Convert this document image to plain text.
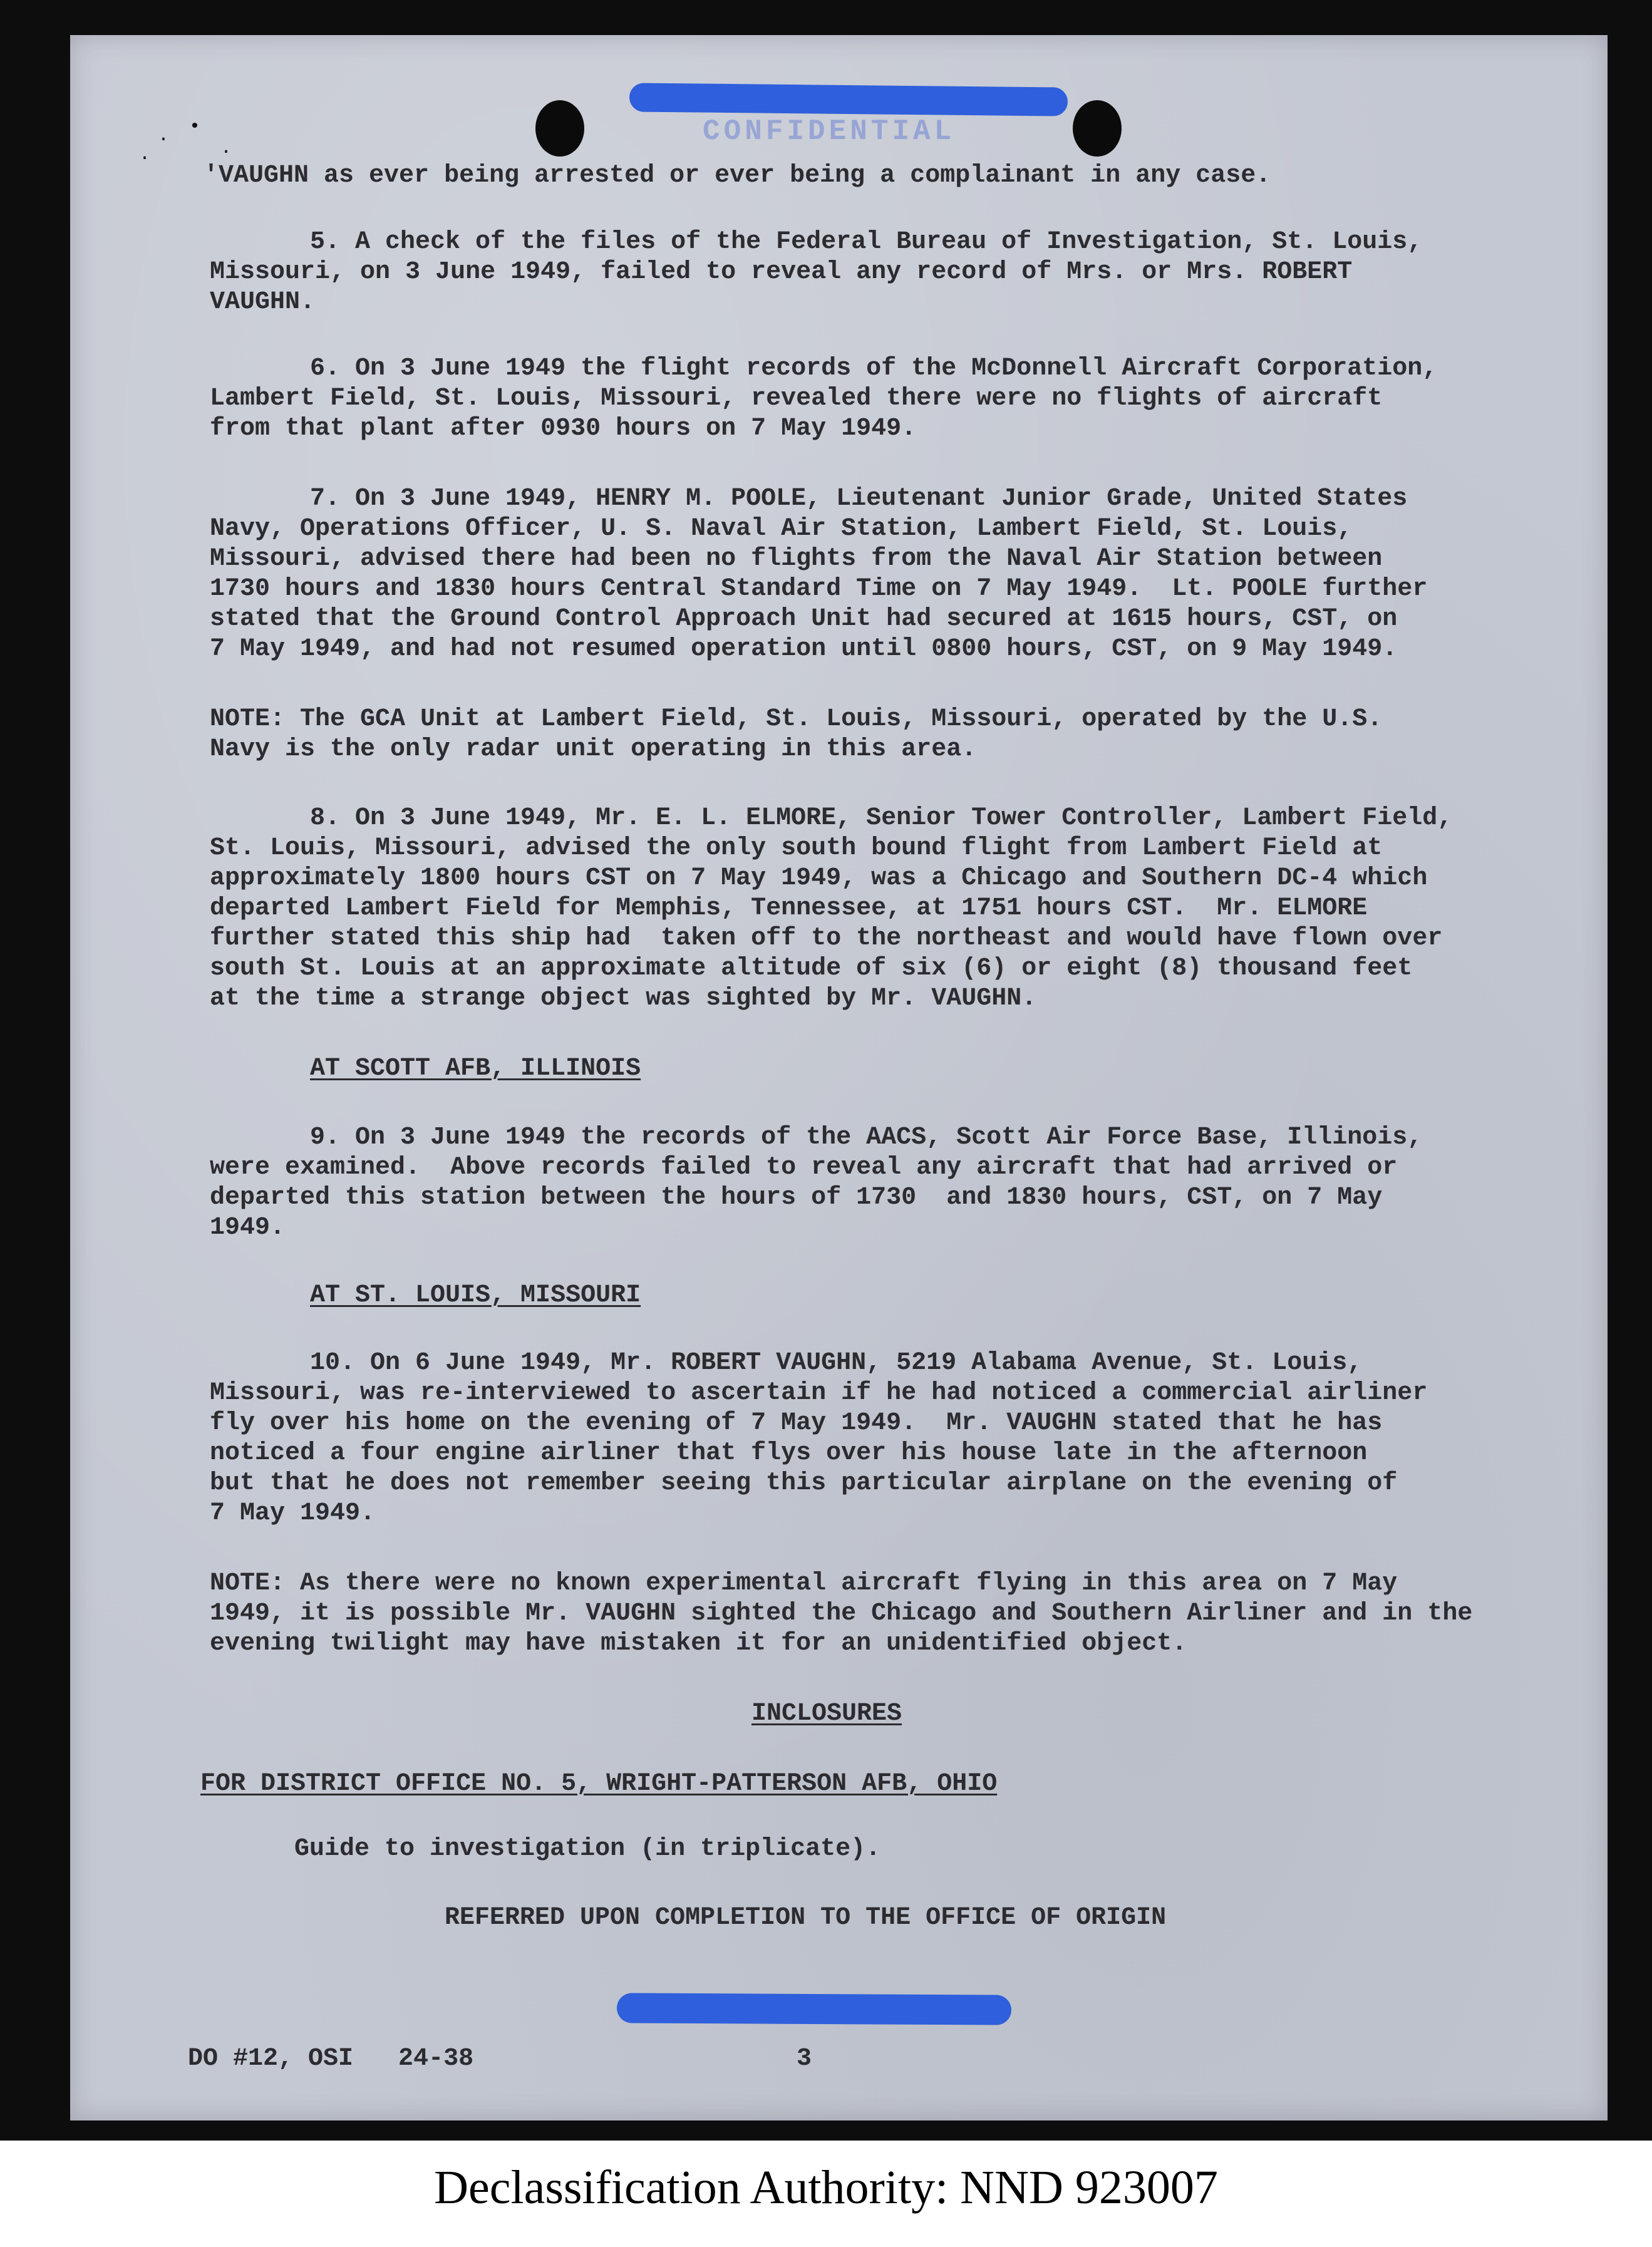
CONFIDENTIAL
·
•
·	·
'VAUGHN as ever being arrested or ever being a complainant in any case.
5. A check of the files of the Federal Bureau of Investigation, St. Louis,
Missouri, on 3 June 1949, failed to reveal any record of Mrs. or Mrs. ROBERT
VAUGHN.
6. On 3 June 1949 the flight records of the McDonnell Aircraft Corporation,
Lambert Field, St. Louis, Missouri, revealed there were no flights of aircraft
from that plant after 0930 hours on 7 May 1949.
7. On 3 June 1949, HENRY M. POOLE, Lieutenant Junior Grade, United States
Navy, Operations Officer, U. S. Naval Air Station, Lambert Field, St. Louis,
Missouri, advised there had been no flights from the Naval Air Station between
1730 hours and 1830 hours Central Standard Time on 7 May 1949.  Lt. POOLE further
stated that the Ground Control Approach Unit had secured at 1615 hours, CST, on
7 May 1949, and had not resumed operation until 0800 hours, CST, on 9 May 1949.
NOTE: The GCA Unit at Lambert Field, St. Louis, Missouri, operated by the U.S.
Navy is the only radar unit operating in this area.
8. On 3 June 1949, Mr. E. L. ELMORE, Senior Tower Controller, Lambert Field,
St. Louis, Missouri, advised the only south bound flight from Lambert Field at
approximately 1800 hours CST on 7 May 1949, was a Chicago and Southern DC-4 which
departed Lambert Field for Memphis, Tennessee, at 1751 hours CST.  Mr. ELMORE
further stated this ship had  taken off to the northeast and would have flown over
south St. Louis at an approximate altitude of six (6) or eight (8) thousand feet
at the time a strange object was sighted by Mr. VAUGHN.
AT SCOTT AFB, ILLINOIS
9. On 3 June 1949 the records of the AACS, Scott Air Force Base, Illinois,
were examined.  Above records failed to reveal any aircraft that had arrived or
departed this station between the hours of 1730  and 1830 hours, CST, on 7 May
1949.
AT ST. LOUIS, MISSOURI
10. On 6 June 1949, Mr. ROBERT VAUGHN, 5219 Alabama Avenue, St. Louis,
Missouri, was re-interviewed to ascertain if he had noticed a commercial airliner
fly over his home on the evening of 7 May 1949.  Mr. VAUGHN stated that he has
noticed a four engine airliner that flys over his house late in the afternoon
but that he does not remember seeing this particular airplane on the evening of
7 May 1949.
NOTE: As there were no known experimental aircraft flying in this area on 7 May
1949, it is possible Mr. VAUGHN sighted the Chicago and Southern Airliner and in the
evening twilight may have mistaken it for an unidentified object.
INCLOSURES
FOR DISTRICT OFFICE NO. 5, WRIGHT-PATTERSON AFB, OHIO
Guide to investigation (in triplicate).
REFERRED UPON COMPLETION TO THE OFFICE OF ORIGIN
DO #12, OSI   24-38	3
Declassification Authority: NND 923007
